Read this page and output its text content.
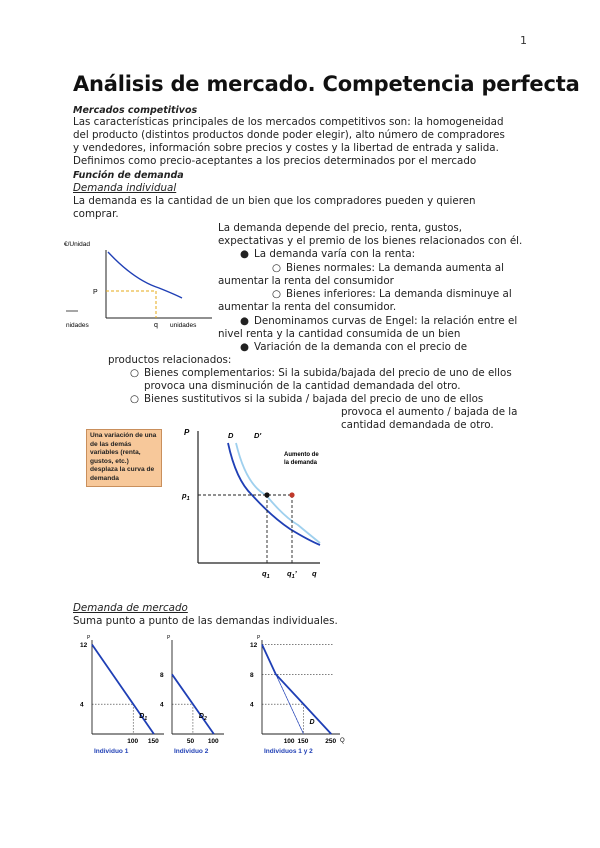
1
Análisis de mercado. Competencia perfecta
Mercados competitivos
Las características principales de los mercados competitivos son: la homogeneidad
del producto (distintos productos donde poder elegir), alto número de compradores
y vendedores, información sobre precios y costes y la libertad de entrada y salida.
Definimos como precio-aceptantes a los precios determinados por el mercado
Función de demanda
Demanda individual
La demanda es la cantidad de un bien que los compradores pueden y quieren
comprar.
La demanda depende del precio, renta, gustos,
expectativas y el premio de los bienes relacionados con él.
● La demanda varía con la renta:
○ Bienes normales: La demanda aumenta al
aumentar la renta del consumidor
○ Bienes inferiores: La demanda disminuye al
aumentar la renta del consumidor.
● Denominamos curvas de Engel: la relación entre el
nivel renta y la cantidad consumida de un bien
● Variación de la demanda con el precio de
productos relacionados:
○ Bienes complementarios: Si la subida/bajada del precio de uno de ellos
provoca una disminución de la cantidad demandada del otro.
○ Bienes sustitutivos si la subida / bajada del precio de uno de ellos
provoca el aumento / bajada de la
cantidad demandada de otro.
€/Unidad
P
q unidades
nidades
Una variación de una de las demás variables (renta, gustos, etc.) desplaza la curva de demanda
P	D	D'
Aumento de
la demanda
$p_1$
$q_1$ $q_1$’ q
Demanda de mercado
Suma punto a punto de las demandas individuales.
P
12
4
100 150
$D_1$
Individuo 1
P
8
4
50 100
$D_2$
Individuo 2
P
Q
12
8
4
100 150	250
D
Individuos 1 y 2
